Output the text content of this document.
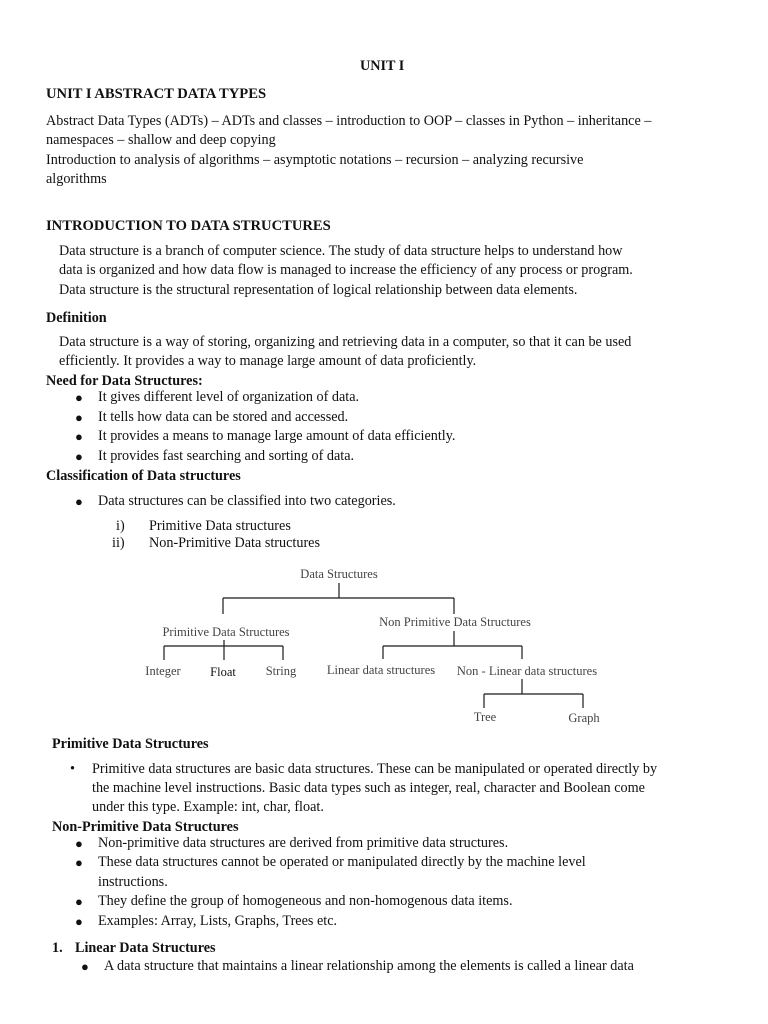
UNIT I
UNIT I ABSTRACT DATA TYPES
Abstract Data Types (ADTs) – ADTs and classes – introduction to OOP – classes in Python – inheritance –
namespaces – shallow and deep copying
Introduction to analysis of algorithms – asymptotic notations – recursion – analyzing recursive
algorithms
INTRODUCTION TO DATA STRUCTURES
Data structure is a branch of computer science. The study of data structure helps to understand how
data is organized and how data flow is managed to increase the efficiency of any process or program.
Data structure is the structural representation of logical relationship between data elements.
Definition
Data structure is a way of storing, organizing and retrieving data in a computer, so that it can be used
efficiently. It provides a way to manage large amount of data proficiently.
Need for Data Structures:
● It gives different level of organization of data.
● It tells how data can be stored and accessed.
● It provides a means to manage large amount of data efficiently.
● It provides fast searching and sorting of data.
Classification of Data structures
● Data structures can be classified into two categories.
i) Primitive Data structures
ii) Non-Primitive Data structures
Data Structures
Primitive Data Structures
Integer Float String
Non Primitive Data Structures
Linear data structures Non - Linear data structures
Tree	Graph
Primitive Data Structures
• Primitive data structures are basic data structures. These can be manipulated or operated directly by
the machine level instructions. Basic data types such as integer, real, character and Boolean come
under this type. Example: int, char, float.
Non-Primitive Data Structures
● Non-primitive data structures are derived from primitive data structures.
● These data structures cannot be operated or manipulated directly by the machine level
instructions.
● They define the group of homogeneous and non-homogenous data items.
● Examples: Array, Lists, Graphs, Trees etc.
1. Linear Data Structures
● A data structure that maintains a linear relationship among the elements is called a linear data
